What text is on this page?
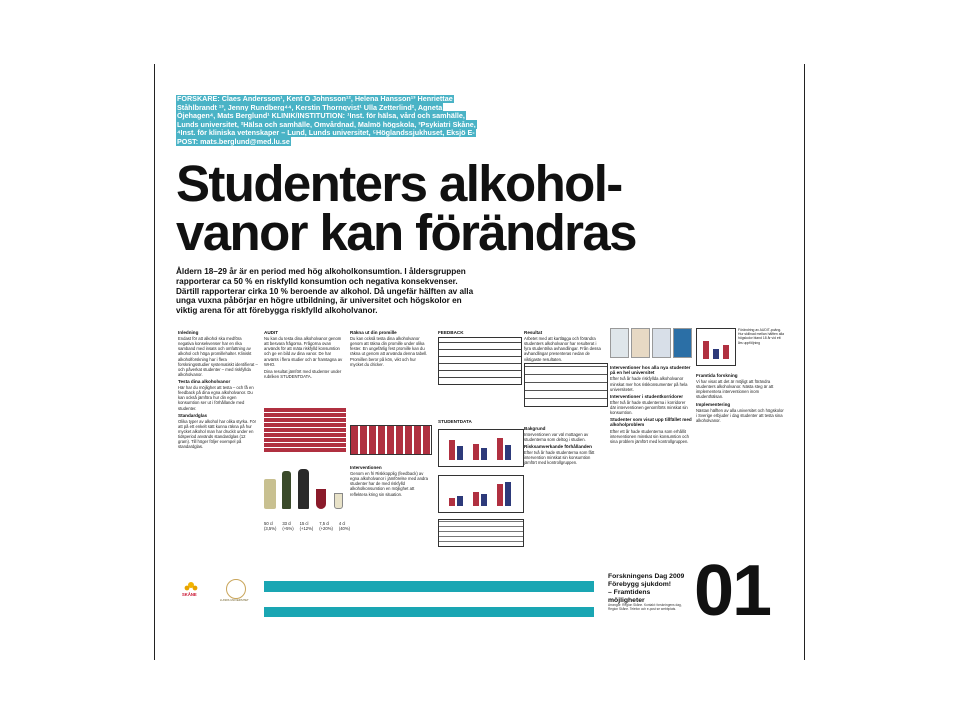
FORSKARE: Claes Andersson¹, Kent O Johnsson¹², Helena Hansson¹³ Henriettae Ståhlbrandt ¹³, Jenny Rundberg⁴⁴, Kerstin Thornqvist¹ Ulla Zetterlind², Agneta Öjehagen⁴, Mats Berglund¹ KLINIK/INSTITUTION: ¹Inst. för hälsa, vård och samhälle, Lunds universitet, ²Hälsa och samhälle, Omvårdnad, Malmö högskola, ³Psykiatri Skåne, ⁴Inst. för kliniska vetenskaper – Lund, Lunds universitet, ⁵Höglandssjukhuset, Eksjö E-POST: mats.berglund@med.lu.se
Studenters alkohol-
vanor kan förändras
Åldern 18–29 år är en period med hög alkoholkonsumtion. I åldersgruppen rapporterar ca 50 % en riskfylld konsumtion och negativa konsekvenser. Därtill rapporterar cirka 10 % beroende av alkohol. Då ungefär hälften av alla unga vuxna påbörjar en högre utbildning, är universitet och högskolor en viktig arena för att förebygga riskfylld alkoholvanor.
Inledning

Endast för att alkohol ska medföra negativa konsekvenser har en rika samband med insats och omfattning av alkohol och höga promillehalter. Kliniskt alkoholforskning har i flera forskningsstudier systematiskt identifierat – och påverkat studenter – med riskfyllda alkoholvanor.

Testa dina alkoholvanor

Här har du möjlighet att testa – och få en feedback på dina egna alkoholvanor. Du kan också jämföra hur din egen konsumtion ser ut i förhållande med studenter.

Standardglas

Olika typer av alkohol har olika styrka. För att på ett enkelt sätt kunna räkna på hur mycket alkohol man har druckit under en tidsperiod används standardglas (12 gram). Till höger följer exempel på standardglas.

AUDIT

Nu kan du testa dina alkoholvanor genom att besvara frågorna. Frågorna ovan används för att mäta riskfylld konsumtion och ge en bild av dina vanor. De har använts i flera studier och är framtagna av WHO.

Dina resultat jämfört med studenter under rubriken STUDENTDATA.

50 cl
(3,5%)
33 cl
(+5%)
15 cl
(+12%)
7,5 cl
(+20%)
4 cl
(40%)
Räkna ut din promille

Du kan också testa dina alkoholvanor genom att räkna din promille under olika fester. En ungefärlig fest promille kan du räkna ut genom att använda denna tabell. Promillen beror på kön, vikt och hur mycket du dricker.

Interventionen

Genom en fri Riskkopplig (feedback) av egna alkoholvanor i jämförelse med andra studenter har de med riskfylld alkoholkonsumtion en möjlighet att reflektera kring sin situation.

FEEDBACK
STUDENTDATA
Resultat

Arbetet med att kartlägga och förändra studenters alkoholvanor har resulterat i fyra studentrika avhandlingar. Från dessa avhandlingar presenteras nedan de viktigaste resultaten.

Bakgrund

Interventionen var väl mottagen av studenterna som deltog i studien.

Risksamverkande förhållanden

Efter två år hade studenterna som fått intervention minskat sin konsumtion jämfört med kontrollgruppen.

Interventioner hos alla nya studenter på en hel universitet

Efter två år hade riskfyllda alkoholvanor minskat mer hos riskkonsumenter på hela universitetet.

Interventioner i studentkorridorer

Efter två år hade studenterna i korridorer där interventionen genomförts minskat sin konsumtion.

Studenter som visat upp tillfället med alkoholproblem

Efter ett år hade studenterna som erhållit interventionen minskat sin konsumtion och sina problem jämfört med kontrollgruppen.

Förändring av AUDIT-poäng. Hur skillnad mellan hälften alla högskolor bland 18 år vid ett års uppföljning
Framtida forskning

Vi har visat att det är möjligt att förändra studenters alkoholvanor. Nästa steg är att implementera interventionen inom studenthälsan.

Implementering

Nästan hälften av alla universitet och högskolor i Sverige erbjuder i dag studenter att testa sina alkoholvanor.

SKÅNE
LUNDS UNIVERSITET
Forskningens Dag 2009
Förebygg sjukdom!
– Framtidens möjligheter
Arrangör: Region Skåne. Kontakt: forskningens dag, Region Skåne. Telefon och e-post se webbplats. 01
